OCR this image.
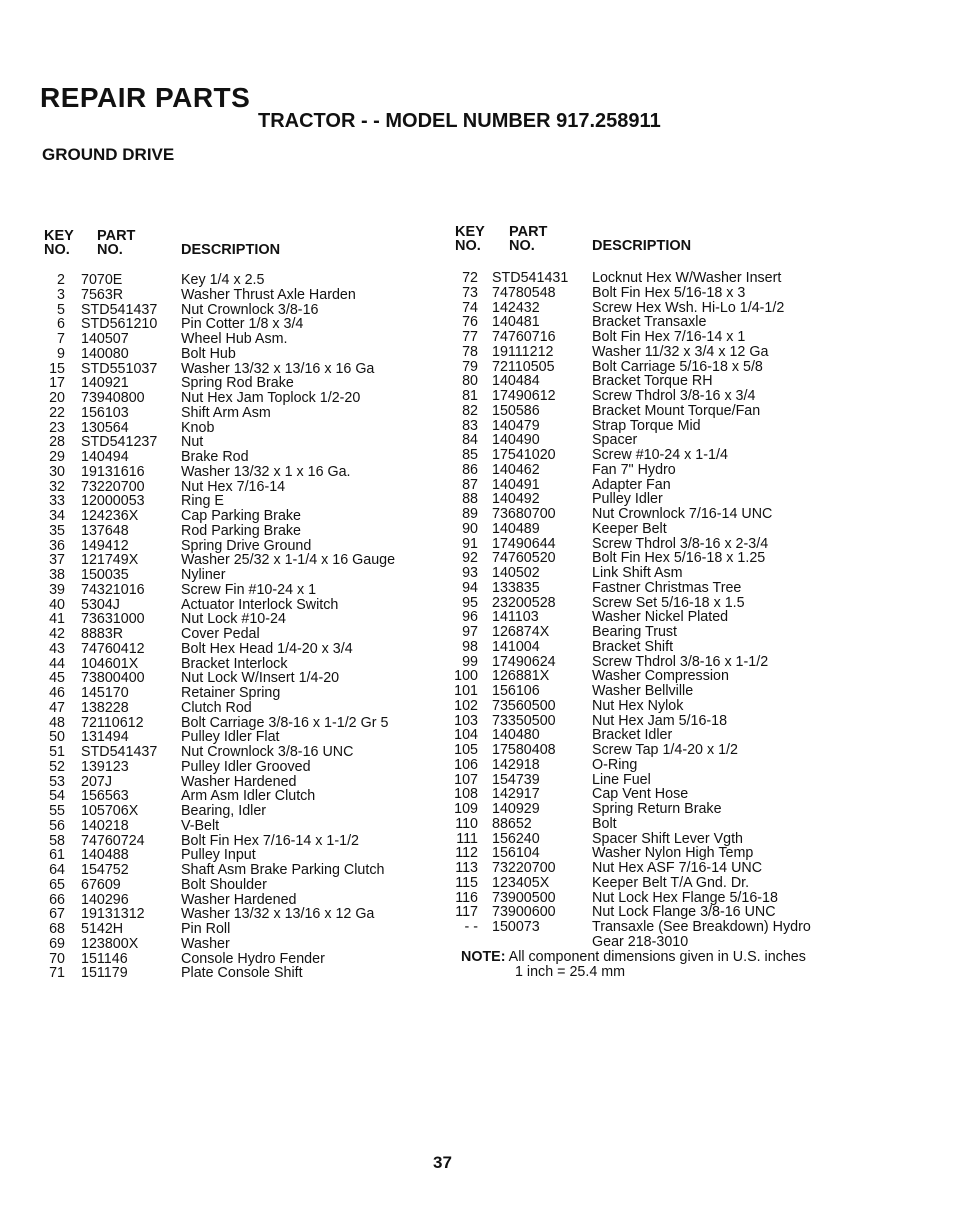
REPAIR PARTS
TRACTOR - - MODEL NUMBER 917.258911
GROUND DRIVE
KEY
NO.
PART
NO.	DESCRIPTION
KEY
NO.
PART
NO.	DESCRIPTION
2 7070E	Key 1/4 x 2.5
3 7563R	Washer Thrust Axle Harden
5 STD541437 Nut Crownlock 3/8-16
6 STD561210 Pin Cotter 1/8 x 3/4
7 140507	Wheel Hub Asm.
9 140080	Bolt Hub
15 STD551037 Washer 13/32 x 13/16 x 16 Ga
17 140921	Spring Rod Brake
20 73940800	Nut Hex Jam Toplock 1/2-20
22 156103	Shift Arm Asm
23 130564	Knob
28 STD541237 Nut
29 140494	Brake Rod
30 19131616	Washer 13/32 x 1 x 16 Ga.
32 73220700	Nut Hex 7/16-14
33 12000053	Ring E
34 124236X	Cap Parking Brake
35 137648	Rod Parking Brake
36 149412	Spring Drive Ground
37 121749X	Washer 25/32 x 1-1/4 x 16 Gauge
38 150035	Nyliner
39 74321016	Screw Fin #10-24 x 1
40 5304J	Actuator Interlock Switch
41 73631000	Nut Lock #10-24
42 8883R	Cover Pedal
43 74760412	Bolt Hex Head 1/4-20 x 3/4
44 104601X	Bracket Interlock
45 73800400	Nut Lock W/Insert 1/4-20
46 145170	Retainer Spring
47 138228	Clutch Rod
48 72110612	Bolt Carriage 3/8-16 x 1-1/2 Gr 5
50 131494	Pulley Idler Flat
51 STD541437 Nut Crownlock 3/8-16 UNC
52 139123	Pulley Idler Grooved
53 207J	Washer Hardened
54 156563	Arm Asm Idler Clutch
55 105706X	Bearing, Idler
56 140218	V-Belt
58 74760724	Bolt Fin Hex 7/16-14 x 1-1/2
61 140488	Pulley Input
64 154752	Shaft Asm Brake Parking Clutch
65 67609	Bolt Shoulder
66 140296	Washer Hardened
67 19131312	Washer 13/32 x 13/16 x 12 Ga
68 5142H	Pin Roll
69 123800X	Washer
70 151146	Console Hydro Fender
71 151179	Plate Console Shift
72 STD541431 Locknut Hex W/Washer Insert
73 74780548	Bolt Fin Hex 5/16-18 x 3
74 142432	Screw Hex Wsh. Hi-Lo 1/4-1/2
76 140481	Bracket Transaxle
77 74760716	Bolt Fin Hex 7/16-14 x 1
78 19111212	Washer 11/32 x 3/4 x 12 Ga
79 72110505	Bolt Carriage 5/16-18 x 5/8
80 140484	Bracket Torque RH
81 17490612	Screw Thdrol 3/8-16 x 3/4
82 150586	Bracket Mount Torque/Fan
83 140479	Strap Torque Mid
84 140490	Spacer
85 17541020	Screw #10-24 x 1-1/4
86 140462	Fan 7" Hydro
87 140491	Adapter Fan
88 140492	Pulley Idler
89 73680700	Nut Crownlock 7/16-14 UNC
90 140489	Keeper Belt
91 17490644	Screw Thdrol 3/8-16 x 2-3/4
92 74760520	Bolt Fin Hex 5/16-18 x 1.25
93 140502	Link Shift Asm
94 133835	Fastner Christmas Tree
95 23200528	Screw Set 5/16-18 x 1.5
96 141103	Washer Nickel Plated
97 126874X	Bearing Trust
98 141004	Bracket Shift
99 17490624	Screw Thdrol 3/8-16 x 1-1/2
100 126881X	Washer Compression
101 156106	Washer Bellville
102 73560500	Nut Hex Nylok
103 73350500	Nut Hex Jam 5/16-18
104 140480	Bracket Idler
105 17580408	Screw Tap 1/4-20 x 1/2
106 142918	O-Ring
107 154739	Line Fuel
108 142917	Cap Vent Hose
109 140929	Spring Return Brake
110 88652	Bolt
111 156240	Spacer Shift Lever Vgth
112 156104	Washer Nylon High Temp
113 73220700	Nut Hex ASF 7/16-14 UNC
115 123405X	Keeper Belt T/A Gnd. Dr.
116 73900500	Nut Lock Hex Flange 5/16-18
117 73900600	Nut Lock Flange 3/8-16 UNC
- - 150073	Transaxle (See Breakdown) Hydro
Gear 218-3010
NOTE: All component dimensions given in U.S. inches
1 inch = 25.4 mm
37
